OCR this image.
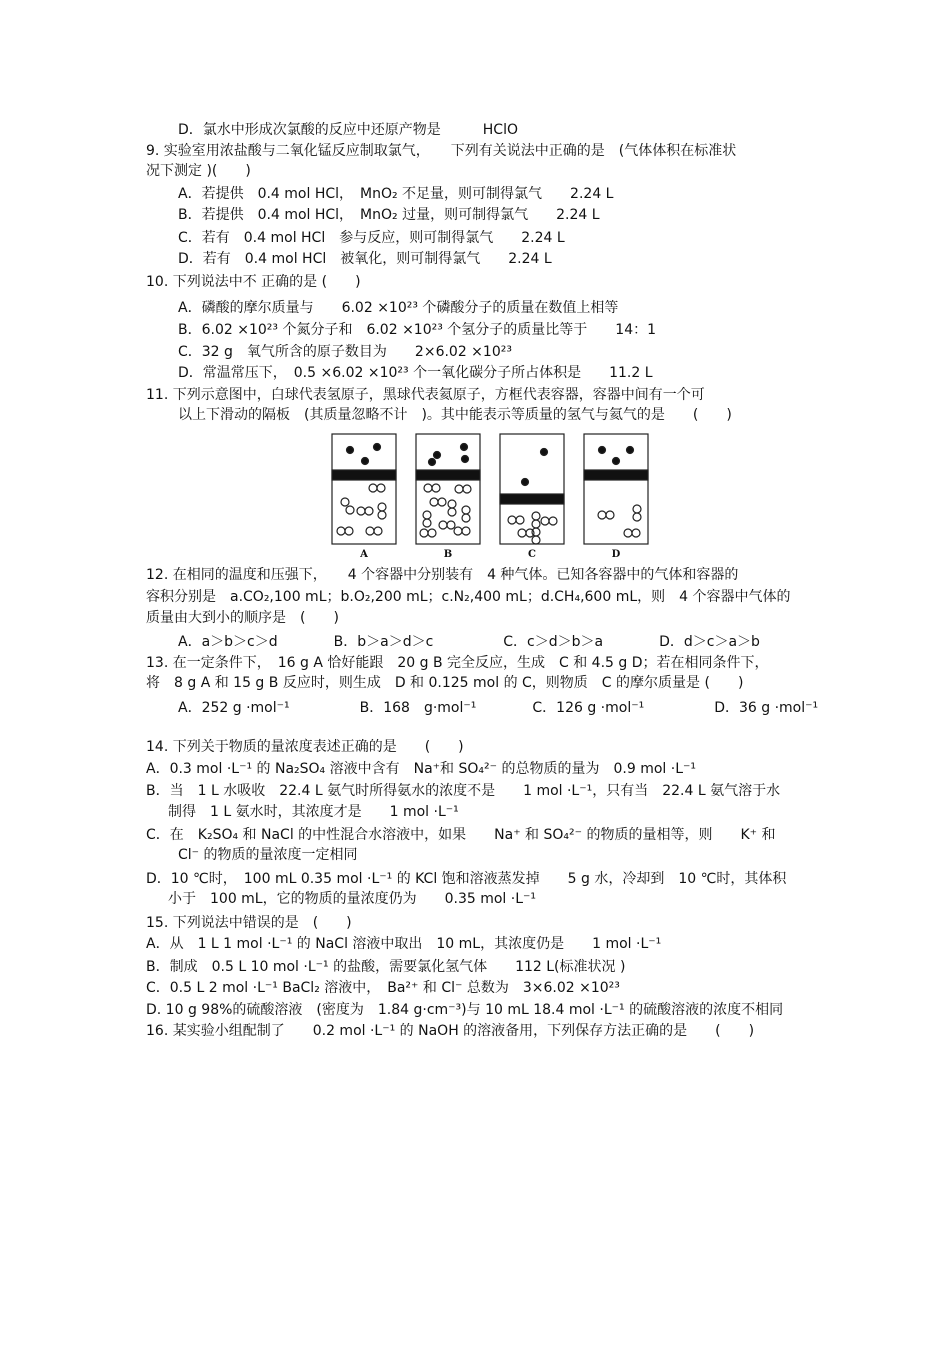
D．氯水中形成次氯酸的反应中还原产物是　　　HClO
9. 实验室用浓盐酸与二氧化锰反应制取氯气，　　下列有关说法中正确的是　(气体体积在标准状
况下测定 )(　　)
A．若提供　0.4 mol HCl，　MnO₂ 不足量，则可制得氯气　　2.24 L
B．若提供　0.4 mol HCl，　MnO₂ 过量，则可制得氯气　　2.24 L
C．若有　0.4 mol HCl　参与反应，则可制得氯气　　2.24 L
D．若有　0.4 mol HCl　被氧化，则可制得氯气　　2.24 L
10. 下列说法中不 正确的是 (　　)
A．磷酸的摩尔质量与　　6.02 ×10²³ 个磷酸分子的质量在数值上相等
B．6.02 ×10²³ 个氮分子和　6.02 ×10²³ 个氢分子的质量比等于　　14：1
C．32 g　氧气所含的原子数目为　　2×6.02 ×10²³
D．常温常压下，　0.5 ×6.02 ×10²³ 个一氧化碳分子所占体积是　　11.2 L
11. 下列示意图中，白球代表氢原子，黑球代表氦原子，方框代表容器，容器中间有一个可
以上下滑动的隔板　(其质量忽略不计　)。其中能表示等质量的氢气与氦气的是　　(　　)
A	B	C	D
12. 在相同的温度和压强下，　　4 个容器中分别装有　4 种气体。已知各容器中的气体和容器的
容积分别是　a.CO₂,100 mL；b.O₂,200 mL；c.N₂,400 mL；d.CH₄,600 mL，则　4 个容器中气体的
质量由大到小的顺序是　(　　)
A．a＞b＞c＞d　　　　B．b＞a＞d＞c　　　　　C．c＞d＞b＞a　　　　D．d＞c＞a＞b
13. 在一定条件下，　16 g A 恰好能跟　20 g B 完全反应，生成　C 和 4.5 g D；若在相同条件下，
将　8 g A 和 15 g B 反应时，则生成　D 和 0.125 mol 的 C，则物质　C 的摩尔质量是 (　　)
A．252 g ·mol⁻¹　　　　　B．168　g·mol⁻¹　　　　C．126 g ·mol⁻¹　　　　　D．36 g ·mol⁻¹
14. 下列关于物质的量浓度表述正确的是　　(　　)
A．0.3 mol ·L⁻¹ 的 Na₂SO₄ 溶液中含有　Na⁺和 SO₄²⁻ 的总物质的量为　0.9 mol ·L⁻¹
B．当　1 L 水吸收　22.4 L 氨气时所得氨水的浓度不是　　1 mol ·L⁻¹，只有当　22.4 L 氨气溶于水
制得　1 L 氨水时，其浓度才是　　1 mol ·L⁻¹
C．在　K₂SO₄ 和 NaCl 的中性混合水溶液中，如果　　Na⁺ 和 SO₄²⁻ 的物质的量相等，则　　K⁺ 和
Cl⁻ 的物质的量浓度一定相同
D．10 ℃时，　100 mL 0.35 mol ·L⁻¹ 的 KCl 饱和溶液蒸发掉　　5 g 水，冷却到　10 ℃时，其体积
小于　100 mL，它的物质的量浓度仍为　　0.35 mol ·L⁻¹
15. 下列说法中错误的是　(　　)
A．从　1 L 1 mol ·L⁻¹ 的 NaCl 溶液中取出　10 mL，其浓度仍是　　1 mol ·L⁻¹
B．制成　0.5 L 10 mol ·L⁻¹ 的盐酸，需要氯化氢气体　　112 L(标准状况 )
C．0.5 L 2 mol ·L⁻¹ BaCl₂ 溶液中，　Ba²⁺ 和 Cl⁻ 总数为　3×6.02 ×10²³
D. 10 g 98%的硫酸溶液　(密度为　1.84 g·cm⁻³)与 10 mL 18.4 mol ·L⁻¹ 的硫酸溶液的浓度不相同
16. 某实验小组配制了　　0.2 mol ·L⁻¹ 的 NaOH 的溶液备用，下列保存方法正确的是　　(　　)
